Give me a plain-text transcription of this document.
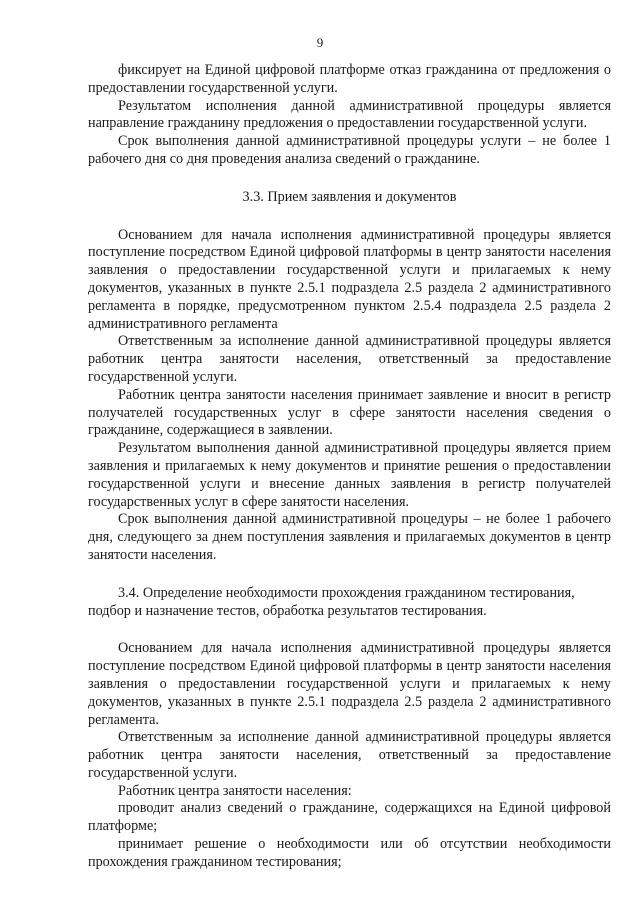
9

фиксирует на Единой цифровой платформе отказ гражданина от предложения о предоставлении государственной услуги.

Результатом исполнения данной административной процедуры является направление гражданину предложения о предоставлении государственной услуги.

Срок выполнения данной административной процедуры услуги – не более 1 рабочего дня со дня проведения анализа сведений о гражданине.

3.3. Прием заявления и документов

Основанием для начала исполнения административной процедуры является поступление посредством Единой цифровой платформы в центр занятости населения заявления о предоставлении государственной услуги и прилагаемых к нему документов, указанных в пункте 2.5.1 подраздела 2.5 раздела 2 административного регламента в порядке, предусмотренном пунктом 2.5.4 подраздела 2.5 раздела 2 административного регламента

Ответственным за исполнение данной административной процедуры является работник центра занятости населения, ответственный за предоставление государственной услуги.

Работник центра занятости населения принимает заявление и вносит в регистр получателей государственных услуг в сфере занятости населения сведения о гражданине, содержащиеся в заявлении.

Результатом выполнения данной административной процедуры является прием заявления и прилагаемых к нему документов и принятие решения о предоставлении государственной услуги и внесение данных заявления в регистр получателей государственных услуг в сфере занятости населения.

Срок выполнения данной административной процедуры – не более 1 рабочего дня, следующего за днем поступления заявления и прилагаемых документов в центр занятости населения.

3.4. Определение необходимости прохождения гражданином тестирования, подбор и назначение тестов, обработка результатов тестирования.

Основанием для начала исполнения административной процедуры является поступление посредством Единой цифровой платформы в центр занятости населения заявления о предоставлении государственной услуги и прилагаемых к нему документов, указанных в пункте 2.5.1 подраздела 2.5 раздела 2 административного регламента.

Ответственным за исполнение данной административной процедуры является работник центра занятости населения, ответственный за предоставление государственной услуги.

Работник центра занятости населения:

проводит анализ сведений о гражданине, содержащихся на Единой цифровой платформе;

принимает решение о необходимости или об отсутствии необходимости прохождения гражданином тестирования;
